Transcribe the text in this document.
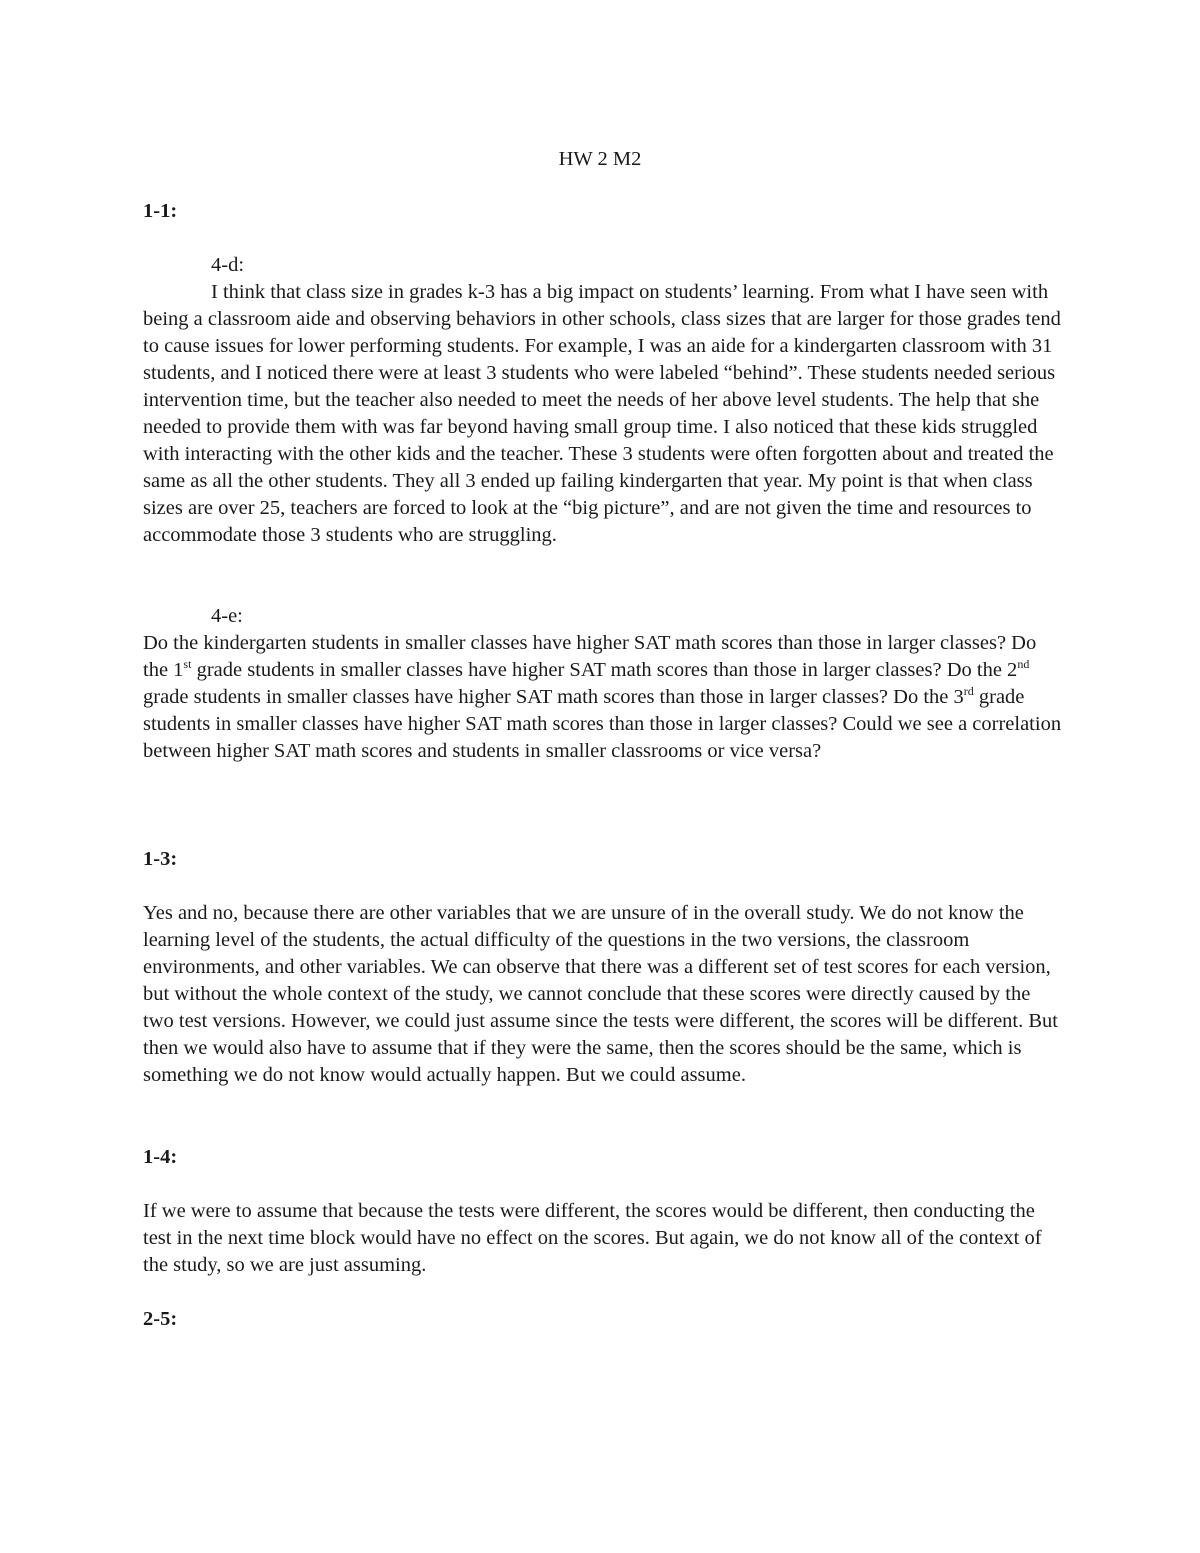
HW 2 M2
1-1:
4-d:

I think that class size in grades k-3 has a big impact on students’ learning. From what I have seen with being a classroom aide and observing behaviors in other schools, class sizes that are larger for those grades tend to cause issues for lower performing students. For example, I was an aide for a kindergarten classroom with 31 students, and I noticed there were at least 3 students who were labeled “behind”. These students needed serious intervention time, but the teacher also needed to meet the needs of her above level students. The help that she needed to provide them with was far beyond having small group time. I also noticed that these kids struggled with interacting with the other kids and the teacher. These 3 students were often forgotten about and treated the same as all the other students. They all 3 ended up failing kindergarten that year. My point is that when class sizes are over 25, teachers are forced to look at the “big picture”, and are not given the time and resources to accommodate those 3 students who are struggling.

4-e:

Do the kindergarten students in smaller classes have higher SAT math scores than those in larger classes? Do the 1st grade students in smaller classes have higher SAT math scores than those in larger classes? Do the 2nd grade students in smaller classes have higher SAT math scores than those in larger classes? Do the 3rd grade students in smaller classes have higher SAT math scores than those in larger classes? Could we see a correlation between higher SAT math scores and students in smaller classrooms or vice versa?

1-3:

Yes and no, because there are other variables that we are unsure of in the overall study. We do not know the learning level of the students, the actual difficulty of the questions in the two versions, the classroom environments, and other variables. We can observe that there was a different set of test scores for each version, but without the whole context of the study, we cannot conclude that these scores were directly caused by the two test versions. However, we could just assume since the tests were different, the scores will be different. But then we would also have to assume that if they were the same, then the scores should be the same, which is something we do not know would actually happen. But we could assume.

1-4:

If we were to assume that because the tests were different, the scores would be different, then conducting the test in the next time block would have no effect on the scores. But again, we do not know all of the context of the study, so we are just assuming.

2-5:
